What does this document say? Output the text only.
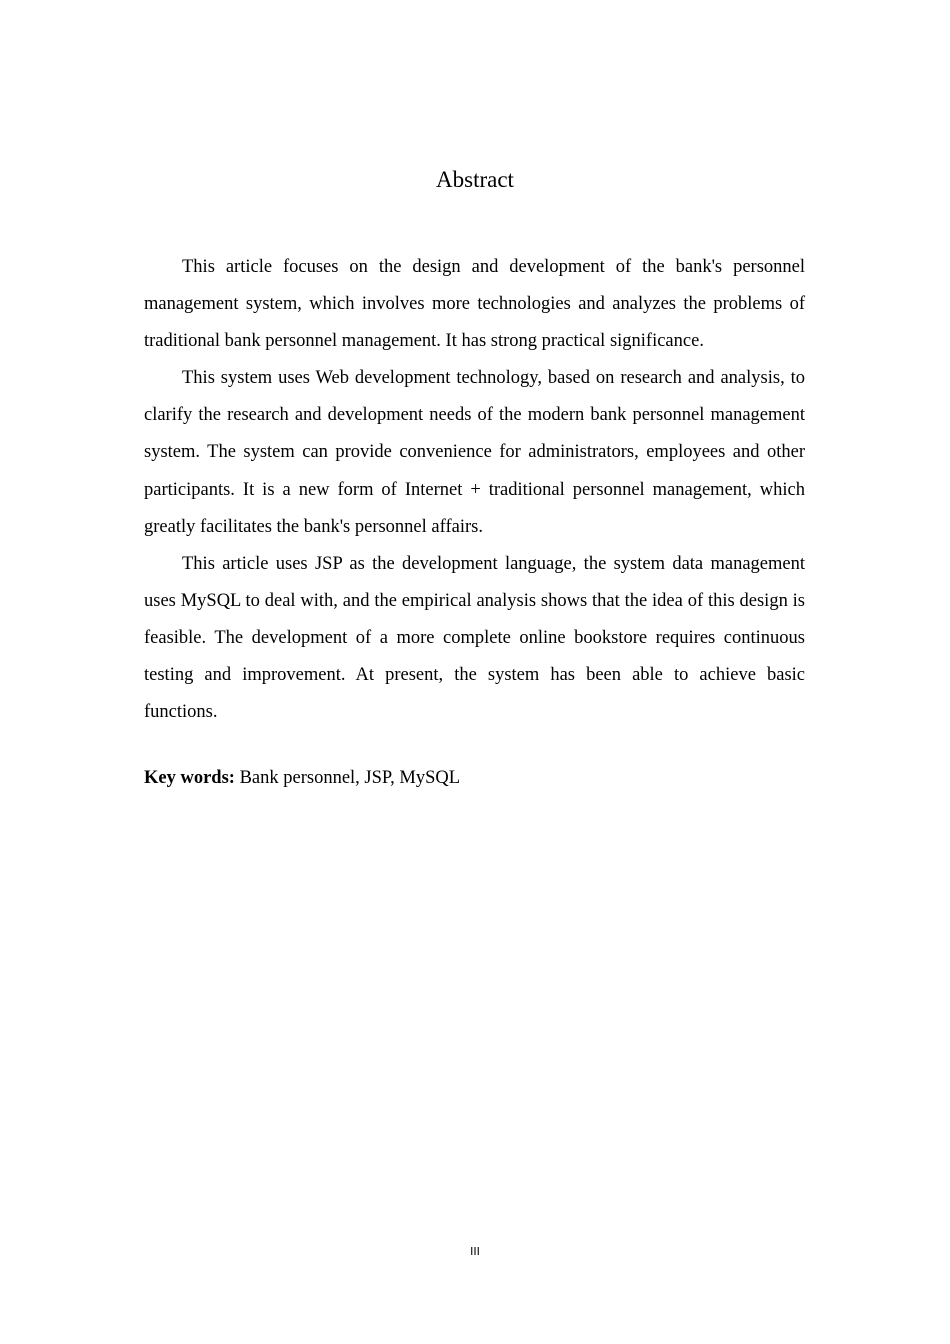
Abstract

This article focuses on the design and development of the bank's personnel management system, which involves more technologies and analyzes the problems of traditional bank personnel management. It has strong practical significance.

This system uses Web development technology, based on research and analysis, to clarify the research and development needs of the modern bank personnel management system. The system can provide convenience for administrators, employees and other participants. It is a new form of Internet + traditional personnel management, which greatly facilitates the bank's personnel affairs.

This article uses JSP as the development language, the system data management uses MySQL to deal with, and the empirical analysis shows that the idea of this design is feasible. The development of a more complete online bookstore requires continuous testing and improvement. At present, the system has been able to achieve basic functions.

Key words: Bank personnel, JSP, MySQL

III
